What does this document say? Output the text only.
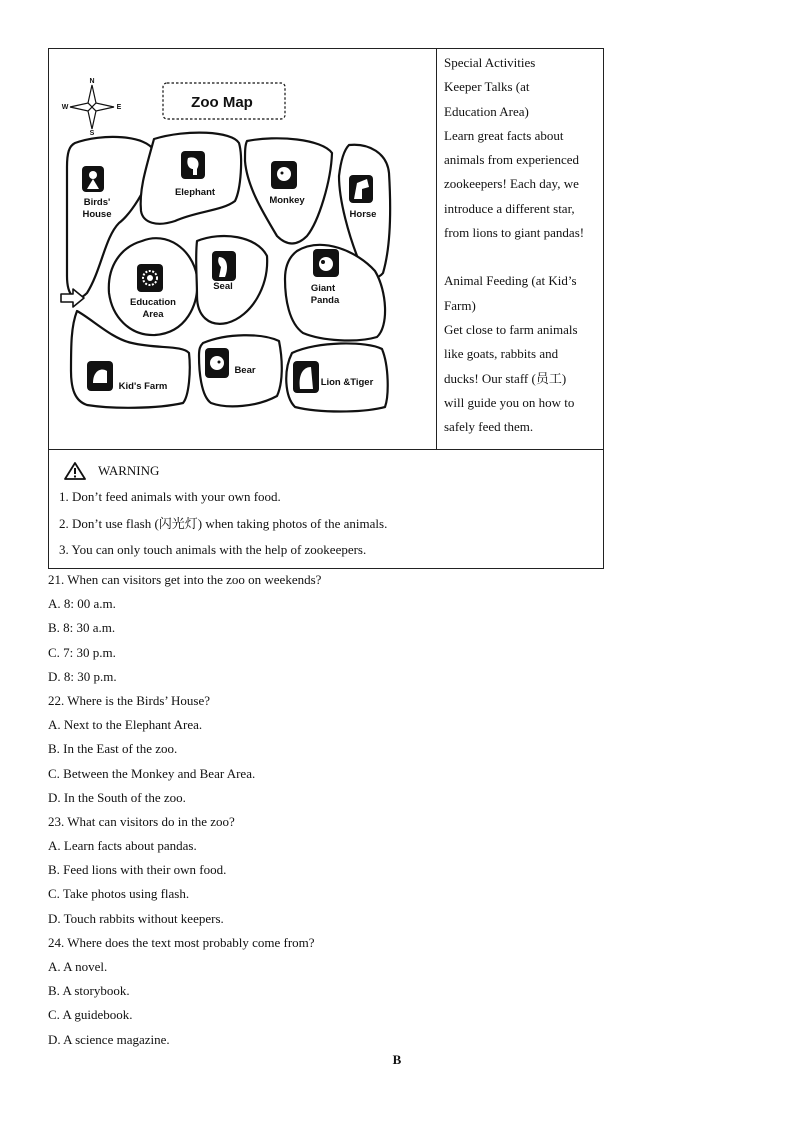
N
S
E
W	Zoo Map
Birds'
House
Elephant
Monkey
Horse
Education
Area
Seal	Giant
Panda
Kid's Farm
Bear
Lion &Tiger

Special Activities

Keeper Talks (at

Education Area)

Learn great facts about

animals from experienced

zookeepers! Each day, we

introduce a different star,

from lions to giant pandas!

Animal Feeding (at Kid’s

Farm)

Get close to farm animals

like goats, rabbits and

ducks! Our staff (员工)

will guide you on how to

safely feed them.

WARNING
1. Don’t feed animals with your own food.
2. Don’t use flash (闪光灯) when taking photos of the animals.
3. You can only touch animals with the help of zookeepers.
21. When can visitors get into the zoo on weekends?
A. 8: 00 a.m.
B. 8: 30 a.m.
C. 7: 30 p.m.
D. 8: 30 p.m.
22. Where is the Birds’ House?
A. Next to the Elephant Area.
B. In the East of the zoo.
C. Between the Monkey and Bear Area.
D. In the South of the zoo.
23. What can visitors do in the zoo?
A. Learn facts about pandas.
B. Feed lions with their own food.
C. Take photos using flash.
D. Touch rabbits without keepers.
24. Where does the text most probably come from?
A. A novel.
B. A storybook.
C. A guidebook.
D. A science magazine.
B
